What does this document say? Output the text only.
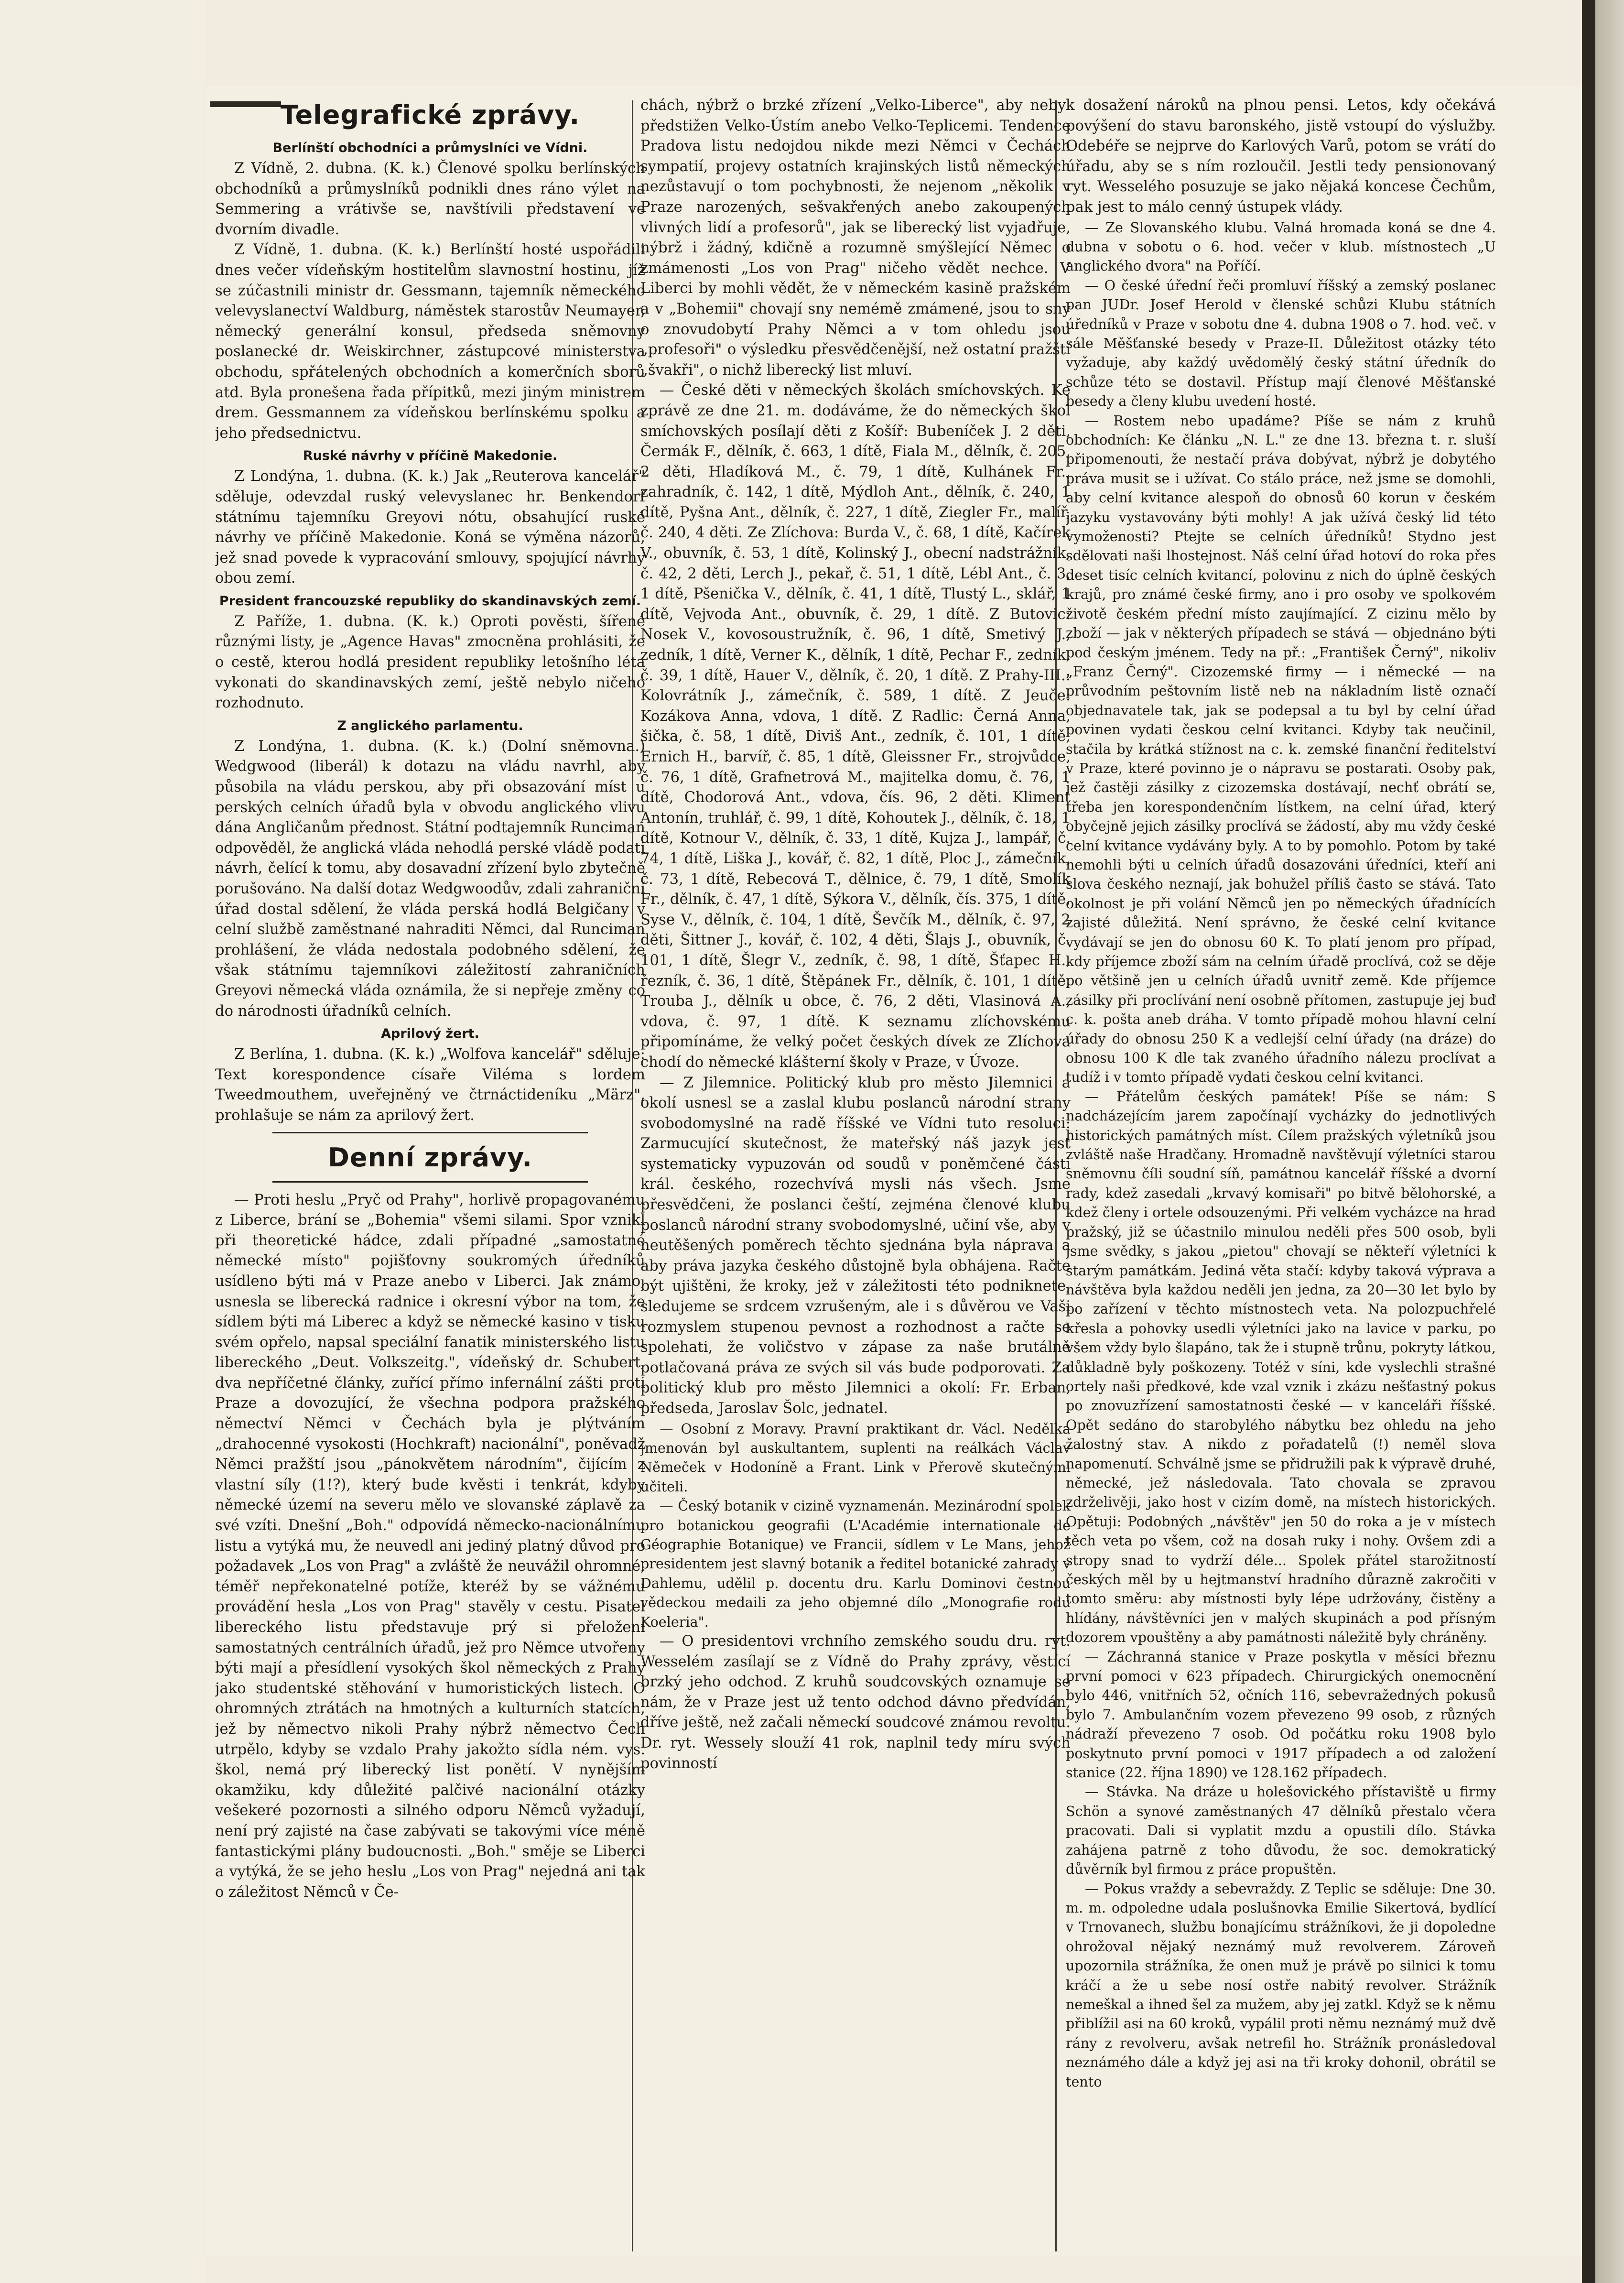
Telegrafické zprávy.
Berlínští obchodníci a průmyslníci ve Vídni.

Z Vídně, 2. dubna. (K. k.) Členové spolku berlínských obchodníků a průmyslníků podnikli dnes ráno výlet na Semmering a vrátivše se, navštívili představení ve dvorním divadle.

Z Vídně, 1. dubna. (K. k.) Berlínští hosté uspořádili dnes večer vídeňským hostitelům slavnostní hostinu, jíž se zúčastnili ministr dr. Gessmann, tajemník německého velevyslanectví Waldburg, náměstek starostův Neumayer, německý generální konsul, předseda sněmovny poslanecké dr. Weiskirchner, zástupcové ministerstva obchodu, spřátelených obchodních a komerčních sborů atd. Byla pronešena řada přípitků, mezi jiným ministrem drem. Gessmannem za vídeňskou berlínskému spolku a jeho předsednictvu.

Ruské návrhy v příčině Makedonie.

Z Londýna, 1. dubna. (K. k.) Jak „Reuterova kancelář" sděluje, odevzdal ruský velevyslanec hr. Benkendorf státnímu tajemníku Greyovi nótu, obsahující ruské návrhy ve příčině Makedonie. Koná se výměna názorů, jež snad povede k vypracování smlouvy, spojující návrhy obou zemí.

President francouzské republiky do skandinavských zemí.

Z Paříže, 1. dubna. (K. k.) Oproti pověsti, šířené různými listy, je „Agence Havas" zmocněna prohlásiti, že o cestě, kterou hodlá president republiky letošního léta vykonati do skandinavských zemí, ještě nebylo ničeho rozhodnuto.

Z anglického parlamentu.

Z Londýna, 1. dubna. (K. k.) (Dolní sněmovna.) Wedgwood (liberál) k dotazu na vládu navrhl, aby působila na vládu perskou, aby při obsazování míst u perských celních úřadů byla v obvodu anglického vlivu dána Angličanům přednost. Státní podtajemník Runciman odpověděl, že anglická vláda nehodlá perské vládě podati návrh, čelící k tomu, aby dosavadní zřízení bylo zbytečně porušováno. Na další dotaz Wedgwoodův, zdali zahraniční úřad dostal sdělení, že vláda perská hodlá Belgičany v celní službě zaměstnané nahraditi Němci, dal Runciman prohlášení, že vláda nedostala podobného sdělení, že však státnímu tajemníkovi záležitostí zahraničních Greyovi německá vláda oznámila, že si nepřeje změny co do národnosti úřadníků celních.

Aprilový žert.

Z Berlína, 1. dubna. (K. k.) „Wolfova kancelář" sděluje: Text korespondence císaře Viléma s lordem Tweedmouthem, uveřejněný ve čtrnáctideníku „März", prohlašuje se nám za aprilový žert.

Denní zprávy.

— Proti heslu „Pryč od Prahy", horlivě propagovanému z Liberce, brání se „Bohemia" všemi silami. Spor vznikl při theoretické hádce, zdali případné „samostatné německé místo" pojišťovny soukromých úředníků usídleno býti má v Praze anebo v Liberci. Jak známo, usnesla se liberecká radnice i okresní výbor na tom, že sídlem býti má Liberec a když se německé kasino v tisku svém opřelo, napsal speciální fanatik ministerského listu libereckého „Deut. Volkszeitg.", vídeňský dr. Schubert, dva nepříčetné články, zuřící přímo infernální zášti proti Praze a dovozující, že všechna podpora pražského němectví Němci v Čechách byla je plýtváním „drahocenné vysokosti (Hochkraft) nacionální", poněvadž Němci pražští jsou „pánokvětem národním", čijícím z vlastní síly (1!?), který bude kvěsti i tenkrát, kdyby německé území na severu mělo ve slovanské záplavě za své vzíti. Dnešní „Boh." odpovídá německo-nacionálnímu listu a vytýká mu, že neuvedl ani jediný platný důvod pro požadavek „Los von Prag" a zvláště že neuvážil ohromné, téměř nepřekonatelné potíže, kteréž by se vážnému provádění hesla „Los von Prag" stavěly v cestu. Pisatel libereckého listu představuje prý si přeložení samostatných centrálních úřadů, jež pro Němce utvořeny býti mají a přesídlení vysokých škol německých z Prahy jako studentské stěhování v humoristických listech. O ohromných ztrátách na hmotných a kulturních statcích, jež by němectvo nikoli Prahy nýbrž němectvo Čech utrpělo, kdyby se vzdalo Prahy jakožto sídla ném. vys. škol, nemá prý liberecký list ponětí. V nynějším okamžiku, kdy důležité palčivé nacionální otázky vešekeré pozornosti a silného odporu Němců vyžadují, není prý zajisté na čase zabývati se takovými více méně fantastickými plány budoucnosti. „Boh." směje se Liberci a vytýká, že se jeho heslu „Los von Prag" nejedná ani tak o záležitost Němců v Če-

chách, nýbrž o brzké zřízení „Velko-Liberce", aby nebyl předstižen Velko-Ústím anebo Velko-Teplicemi. Tendence Pradova listu nedojdou nikde mezi Němci v Čechách sympatií, projevy ostatních krajinských listů německých nezůstavují o tom pochybnosti, že nejenom „několik v Praze narozených, sešvakřených anebo zakoupených vlivných lidí a profesorů", jak se liberecký list vyjadřuje, nýbrž i žádný, kdičně a rozumně smýšlející Němec o zmámenosti „Los von Prag" ničeho vědět nechce. V Liberci by mohli vědět, že v německém kasině pražském a v „Bohemii" chovají sny nemémě zmámené, jsou to sny o znovudobytí Prahy Němci a v tom ohledu jsou „profesoři" o výsledku přesvědčenější, než ostatní pražští „švakři", o nichž liberecký list mluví.

— České děti v německých školách smíchovských. Ke zprávě ze dne 21. m. dodáváme, že do německých škol smíchovských posílají děti z Košíř: Bubeníček J. 2 děti, Čermák F., dělník, č. 663, 1 dítě, Fiala M., dělník, č. 205, 2 děti, Hladíková M., č. 79, 1 dítě, Kulhánek Fr., zahradník, č. 142, 1 dítě, Mýdloh Ant., dělník, č. 240, 1 dítě, Pyšna Ant., dělník, č. 227, 1 dítě, Ziegler Fr., malíř, č. 240, 4 děti. Ze Zlíchova: Burda V., č. 68, 1 dítě, Kačírek V., obuvník, č. 53, 1 dítě, Kolinský J., obecní nadstrážník, č. 42, 2 děti, Lerch J., pekař, č. 51, 1 dítě, Lébl Ant., č. 3, 1 dítě, Pšenička V., dělník, č. 41, 1 dítě, Tlustý L., sklář, 1 dítě, Vejvoda Ant., obuvník, č. 29, 1 dítě. Z Butovic: Nosek V., kovosoustružník, č. 96, 1 dítě, Smetivý J., zedník, 1 dítě, Verner K., dělník, 1 dítě, Pechar F., zedník, č. 39, 1 dítě, Hauer V., dělník, č. 20, 1 dítě. Z Prahy-III.: Kolovrátník J., zámečník, č. 589, 1 dítě. Z Jeuče: Kozákova Anna, vdova, 1 dítě. Z Radlic: Černá Anna, šička, č. 58, 1 dítě, Diviš Ant., zedník, č. 101, 1 dítě, Ernich H., barvíř, č. 85, 1 dítě, Gleissner Fr., strojvůdce, č. 76, 1 dítě, Grafnetrová M., majitelka domu, č. 76, 1 dítě, Chodorová Ant., vdova, čís. 96, 2 děti. Kliment Antonín, truhlář, č. 99, 1 dítě, Kohoutek J., dělník, č. 18, 1 dítě, Kotnour V., dělník, č. 33, 1 dítě, Kujza J., lampář, č. 74, 1 dítě, Liška J., kovář, č. 82, 1 dítě, Ploc J., zámečník, č. 73, 1 dítě, Rebecová T., dělnice, č. 79, 1 dítě, Smolík Fr., dělník, č. 47, 1 dítě, Sýkora V., dělník, čís. 375, 1 dítě, Syse V., dělník, č. 104, 1 dítě, Ševčík M., dělník, č. 97, 2 děti, Šittner J., kovář, č. 102, 4 děti, Šlajs J., obuvník, č. 101, 1 dítě, Šlegr V., zedník, č. 98, 1 dítě, Šťapec H., řezník, č. 36, 1 dítě, Štěpánek Fr., dělník, č. 101, 1 dítě, Trouba J., dělník u obce, č. 76, 2 děti, Vlasinová A., vdova, č. 97, 1 dítě. K seznamu zlíchovskému připomínáme, že velký počet českých dívek ze Zlíchova chodí do německé klášterní školy v Praze, v Úvoze.

— Z Jilemnice. Politický klub pro město Jilemnici a okolí usnesl se a zaslal klubu poslanců národní strany svobodomyslné na radě říšské ve Vídni tuto resoluci: Zarmucující skutečnost, že mateřský náš jazyk jest systematicky vypuzován od soudů v poněmčené části král. českého, rozechvívá mysli nás všech. Jsme přesvědčeni, že poslanci čeští, zejména členové klubu poslanců národní strany svobodomyslné, učiní vše, aby v neutěšených poměrech těchto sjednána byla náprava a aby práva jazyka českého důstojně byla obhájena. Račte být ujištěni, že kroky, jež v záležitosti této podniknete, sledujeme se srdcem vzrušeným, ale i s důvěrou ve Vaši rozmyslem stupenou pevnost a rozhodnost a račte se spolehati, že voličstvo v zápase za naše brutálně potlačovaná práva ze svých sil vás bude podporovati. Za politický klub pro město Jilemnici a okolí: Fr. Erban, předseda, Jaroslav Šolc, jednatel.

— Osobní z Moravy. Pravní praktikant dr. Václ. Nedělka jmenován byl auskultantem, suplenti na reálkách Václav Němeček v Hodoníně a Frant. Link v Přerově skutečnými učiteli.

— Český botanik v cizině vyznamenán. Mezinárodní spolek pro botanickou geografii (L'Académie internationale de Géographie Botanique) ve Francii, sídlem v Le Mans, jehož presidentem jest slavný botanik a ředitel botanické zahrady v Dahlemu, udělil p. docentu dru. Karlu Dominovi čestnou vědeckou medaili za jeho objemné dílo „Monografie rodu Koeleria".

— O presidentovi vrchního zemského soudu dru. ryt. Wesselém zasílají se z Vídně do Prahy zprávy, věstící brzký jeho odchod. Z kruhů soudcovských oznamuje se nám, že v Praze jest už tento odchod dávno předvídán, dříve ještě, než začali německí soudcové známou revoltu. Dr. ryt. Wessely slouží 41 rok, naplnil tedy míru svých povinností

k dosažení nároků na plnou pensi. Letos, kdy očekává povýšení do stavu baronského, jistě vstoupí do výslužby. Odebéře se nejprve do Karlových Varů, potom se vrátí do úřadu, aby se s ním rozloučil. Jestli tedy pensionovaný ryt. Wesselého posuzuje se jako nějaká koncese Čechům, pak jest to málo cenný ústupek vlády.

— Ze Slovanského klubu. Valná hromada koná se dne 4. dubna v sobotu o 6. hod. večer v klub. místnostech „U anglického dvora" na Poříčí.

— O české úřední řeči promluví říšský a zemský poslanec pan JUDr. Josef Herold v členské schůzi Klubu státních úředníků v Praze v sobotu dne 4. dubna 1908 o 7. hod. več. v sále Měšťanské besedy v Praze-II. Důležitost otázky této vyžaduje, aby každý uvědomělý český státní úředník do schůze této se dostavil. Přístup mají členové Měšťanské besedy a členy klubu uvedení hosté.

— Rostem nebo upadáme? Píše se nám z kruhů obchodních: Ke článku „N. L." ze dne 13. března t. r. sluší připomenouti, že nestačí práva dobývat, nýbrž je dobytého práva musit se i užívat. Co stálo práce, než jsme se domohli, aby celní kvitance alespoň do obnosů 60 korun v českém jazyku vystavovány býti mohly! A jak užívá český lid této vymoženosti? Ptejte se celních úředníků! Stydno jest sdělovati naši lhostejnost. Náš celní úřad hotoví do roka přes deset tisíc celních kvitancí, polovinu z nich do úplně českých krajů, pro známé české firmy, ano i pro osoby ve spolkovém životě českém přední místo zaujímající. Z cizinu mělo by zboží — jak v některých případech se stává — objednáno býti pod českým jménem. Tedy na př.: „František Černý", nikoliv „Franz Černý". Cizozemské firmy — i německé — na průvodním peštovním listě neb na nákladním listě označí objednavatele tak, jak se podepsal a tu byl by celní úřad povinen vydati českou celní kvitanci. Kdyby tak neučinil, stačila by krátká stížnost na c. k. zemské finanční ředitelství v Praze, které povinno je o nápravu se postarati. Osoby pak, jež častěji zásilky z cizozemska dostávají, nechť obrátí se, třeba jen korespondenčním lístkem, na celní úřad, který obyčejně jejich zásilky proclívá se žádostí, aby mu vždy české celní kvitance vydávány byly. A to by pomohlo. Potom by také nemohli býti u celních úřadů dosazováni úředníci, kteří ani slova českého neznají, jak bohužel příliš často se stává. Tato okolnost je při volání Němců jen po německých úřadnících zajisté důležitá. Není správno, že české celní kvitance vydávají se jen do obnosu 60 K. To platí jenom pro případ, kdy příjemce zboží sám na celním úřadě proclívá, což se děje po většině jen u celních úřadů uvnitř země. Kde příjemce zásilky při proclívání není osobně přítomen, zastupuje jej buď c. k. pošta aneb dráha. V tomto případě mohou hlavní celní úřady do obnosu 250 K a vedlejší celní úřady (na dráze) do obnosu 100 K dle tak zvaného úřadního nálezu proclívat a tudíž i v tomto případě vydati českou celní kvitanci.

— Přátelům českých památek! Píše se nám: S nadcházejícím jarem započínají vycházky do jednotlivých historických památných míst. Cílem pražských výletníků jsou zvláště naše Hradčany. Hromadně navštěvují výletníci starou sněmovnu číli soudní síň, památnou kancelář říšské a dvorní rady, kdež zasedali „krvavý komisaři" po bitvě bělohorské, a kdež členy i ortele odsouzenými. Při velkém vycházce na hrad pražský, již se účastnilo minulou neděli přes 500 osob, byli jsme svědky, s jakou „pietou" chovají se někteří výletníci k starým památkám. Jediná věta stačí: kdyby taková výprava a návštěva byla každou neděli jen jedna, za 20—30 let bylo by po zařízení v těchto místnostech veta. Na polozpuchřelé křesla a pohovky usedli výletníci jako na lavice v parku, po všem vždy bylo šlapáno, tak že i stupně trůnu, pokryty látkou, důkladně byly poškozeny. Totéž v síni, kde vyslechli strašné ortely naši předkové, kde vzal vznik i zkázu nešťastný pokus po znovuzřízení samostatnosti české — v kanceláři říšské. Opět sedáno do starobylého nábytku bez ohledu na jeho žalostný stav. A nikdo z pořadatelů (!) neměl slova napomenutí. Schválně jsme se přidružili pak k výpravě druhé, německé, jež následovala. Tato chovala se zpravou zdrželivěji, jako host v cizím domě, na místech historických. Opětuji: Podobných „návštěv" jen 50 do roka a je v místech těch veta po všem, což na dosah ruky i nohy. Ovšem zdi a stropy snad to vydrží déle... Spolek přátel starožitností českých měl by u hejtmanství hradního důrazně zakročiti v tomto směru: aby místnosti byly lépe udržovány, čistěny a hlídány, návštěvníci jen v malých skupinách a pod přísným dozorem vpouštěny a aby památnosti náležitě byly chráněny.

— Záchranná stanice v Praze poskytla v měsíci březnu první pomoci v 623 případech. Chirurgických onemocnění bylo 446, vnitřních 52, očních 116, sebevražedných pokusů bylo 7. Ambulančním vozem převezeno 99 osob, z různých nádraží převezeno 7 osob. Od počátku roku 1908 bylo poskytnuto první pomoci v 1917 případech a od založení stanice (22. října 1890) ve 128.162 případech.

— Stávka. Na dráze u holešovického přístaviště u firmy Schön a synové zaměstnaných 47 dělníků přestalo včera pracovati. Dali si vyplatit mzdu a opustili dílo. Stávka zahájena patrně z toho důvodu, že soc. demokratický důvěrník byl firmou z práce propuštěn.

— Pokus vraždy a sebevraždy. Z Teplic se sděluje: Dne 30. m. m. odpoledne udala poslušnovka Emilie Sikertová, bydlící v Trnovanech, službu bonajícímu strážníkovi, že ji dopoledne ohrožoval nějaký neznámý muž revolverem. Zároveň upozornila strážníka, že onen muž je právě po silnici k tomu kráčí a že u sebe nosí ostře nabitý revolver. Strážník nemeškal a ihned šel za mužem, aby jej zatkl. Když se k němu přiblížil asi na 60 kroků, vypálil proti němu neznámý muž dvě rány z revolveru, avšak netrefil ho. Strážník pronásledoval neznámého dále a když jej asi na tři kroky dohonil, obrátil se tento
